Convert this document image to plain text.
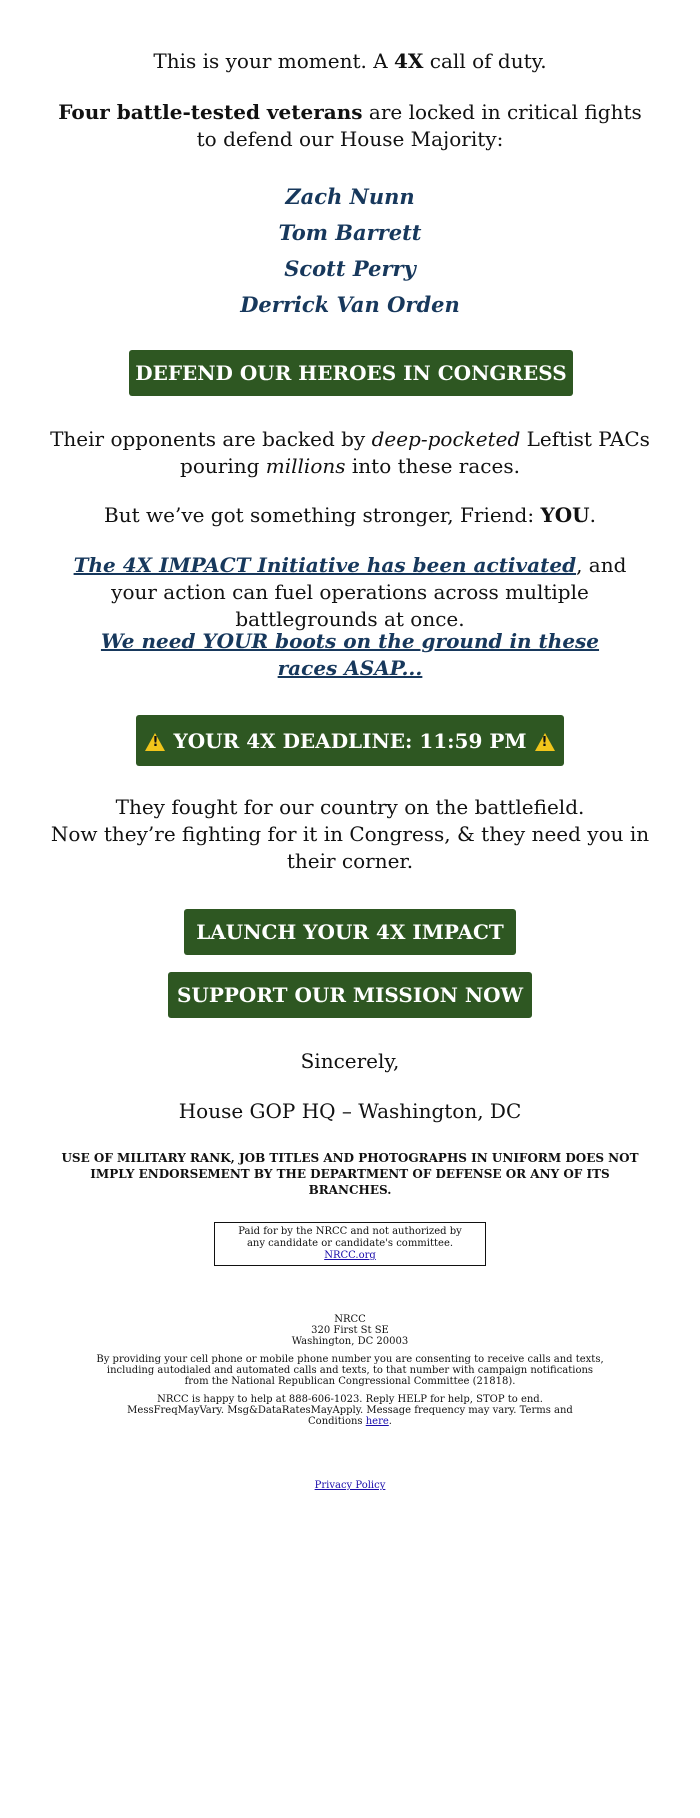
This is your moment. A 4X call of duty.
Four battle-tested veterans are locked in critical fights to defend our House Majority:
Zach Nunn
Tom Barrett
Scott Perry
Derrick Van Orden
DEFEND OUR HEROES IN CONGRESS
Their opponents are backed by deep-pocketed Leftist PACs pouring millions into these races.
But we’ve got something stronger, Friend: YOU.
The 4X IMPACT Initiative has been activated, and your action can fuel operations across multiple battlegrounds at once.
We need YOUR boots on the ground in these races ASAP...
!
YOUR 4X DEADLINE: 11:59 PM
!
They fought for our country on the battlefield.
Now they’re fighting for it in Congress, & they need you in their corner.
LAUNCH YOUR 4X IMPACT
SUPPORT OUR MISSION NOW
Sincerely,
House GOP HQ – Washington, DC
USE OF MILITARY RANK, JOB TITLES AND PHOTOGRAPHS IN UNIFORM DOES NOT IMPLY ENDORSEMENT BY THE DEPARTMENT OF DEFENSE OR ANY OF ITS BRANCHES.
Paid for by the NRCC and not authorized by any candidate or candidate's committee. NRCC.org
NRCC
320 First St SE
Washington, DC 20003
By providing your cell phone or mobile phone number you are consenting to receive calls and texts, including autodialed and automated calls and texts, to that number with campaign notifications from the National Republican Congressional Committee (21818).
NRCC is happy to help at 888-606-1023. Reply HELP for help, STOP to end. MessFreqMayVary. Msg&DataRatesMayApply. Message frequency may vary. Terms and Conditions here.
Privacy Policy
